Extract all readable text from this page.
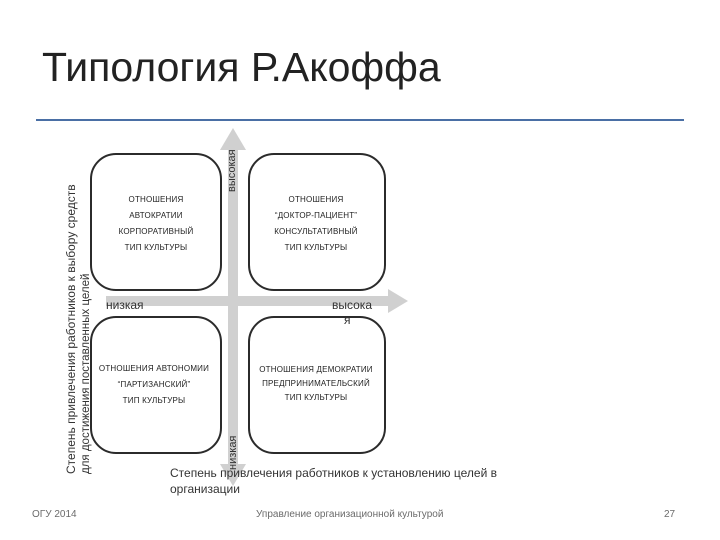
Типология Р.Акоффа
ОТНОШЕНИЯ
АВТОКРАТИИ
КОРПОРАТИВНЫЙ
ТИП КУЛЬТУРЫ
ОТНОШЕНИЯ
“ДОКТОР-ПАЦИЕНТ”
КОНСУЛЬТАТИВНЫЙ
ТИП КУЛЬТУРЫ
ОТНОШЕНИЯ АВТОНОМИИ
“ПАРТИЗАНСКИЙ”
ТИП КУЛЬТУРЫ
ОТНОШЕНИЯ ДЕМОКРАТИИ
ПРЕДПРИНИМАТЕЛЬСКИЙ
ТИП КУЛЬТУРЫ
высокая
низкая
низкая	высока
я
Степень привлечения работников к выбору средств для достижения поставленных целей	Степень привлечения работников к установлению целей в
организации
ОГУ 2014	Управление организационной культурой	27
